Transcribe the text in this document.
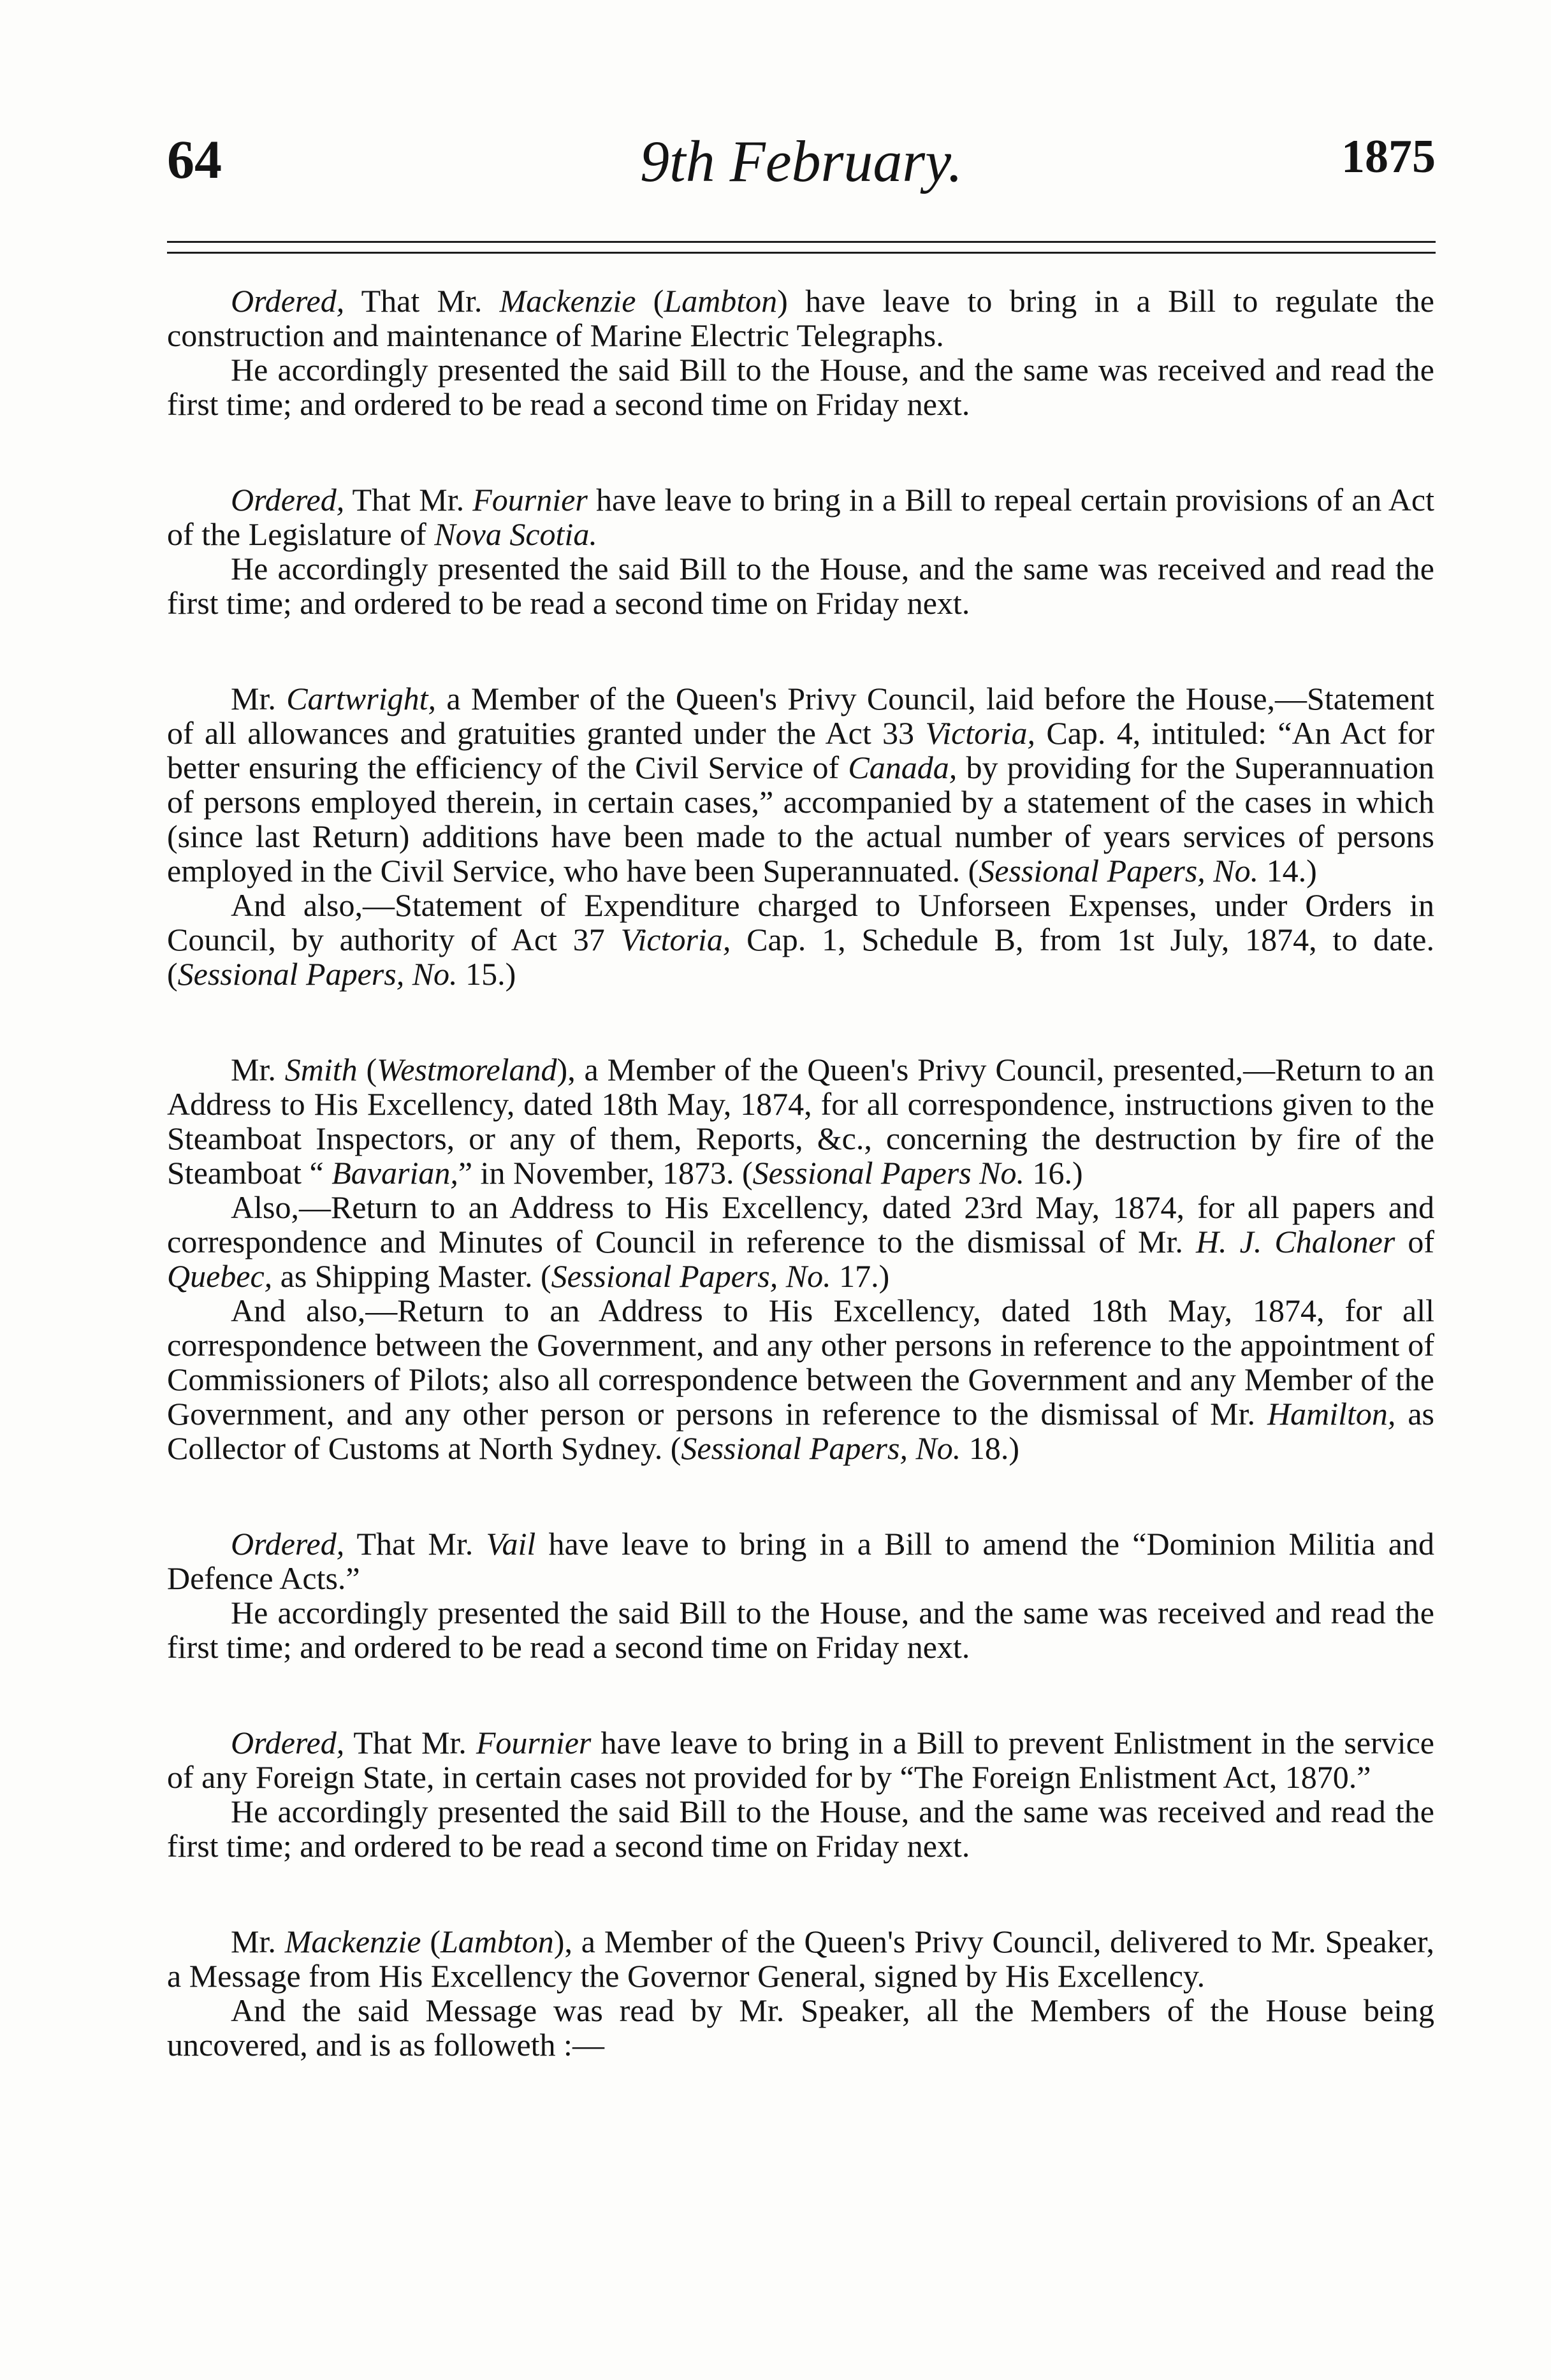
64	9th February.	1875

Ordered, That Mr. Mackenzie (Lambton) have leave to bring in a Bill to regulate the construction and maintenance of Marine Electric Telegraphs.

He accordingly presented the said Bill to the House, and the same was received and read the first time; and ordered to be read a second time on Friday next.

Ordered, That Mr. Fournier have leave to bring in a Bill to repeal certain provisions of an Act of the Legislature of Nova Scotia.

He accordingly presented the said Bill to the House, and the same was received and read the first time; and ordered to be read a second time on Friday next.

Mr. Cartwright, a Member of the Queen's Privy Council, laid before the House,—Statement of all allowances and gratuities granted under the Act 33 Victoria, Cap. 4, intituled: “An Act for better ensuring the efficiency of the Civil Service of Canada, by providing for the Superannuation of persons employed therein, in certain cases,” accompanied by a statement of the cases in which (since last Return) additions have been made to the actual number of years services of persons employed in the Civil Service, who have been Superannuated. (Sessional Papers, No. 14.)

And also,—Statement of Expenditure charged to Unforseen Expenses, under Orders in Council, by authority of Act 37 Victoria, Cap. 1, Schedule B, from 1st July, 1874, to date. (Sessional Papers, No. 15.)

Mr. Smith (Westmoreland), a Member of the Queen's Privy Council, presented,—Return to an Address to His Excellency, dated 18th May, 1874, for all correspondence, instructions given to the Steamboat Inspectors, or any of them, Reports, &c., concerning the destruction by fire of the Steamboat “ Bavarian,” in November, 1873. (Sessional Papers No. 16.)

Also,—Return to an Address to His Excellency, dated 23rd May, 1874, for all papers and correspondence and Minutes of Council in reference to the dismissal of Mr. H. J. Chaloner of Quebec, as Shipping Master. (Sessional Papers, No. 17.)

And also,—Return to an Address to His Excellency, dated 18th May, 1874, for all correspondence between the Government, and any other persons in reference to the appointment of Commissioners of Pilots; also all correspondence between the Government and any Member of the Government, and any other person or persons in reference to the dismissal of Mr. Hamilton, as Collector of Customs at North Sydney. (Sessional Papers, No. 18.)

Ordered, That Mr. Vail have leave to bring in a Bill to amend the “Dominion Militia and Defence Acts.”

He accordingly presented the said Bill to the House, and the same was received and read the first time; and ordered to be read a second time on Friday next.

Ordered, That Mr. Fournier have leave to bring in a Bill to prevent Enlistment in the service of any Foreign State, in certain cases not provided for by “The Foreign Enlistment Act, 1870.”

He accordingly presented the said Bill to the House, and the same was received and read the first time; and ordered to be read a second time on Friday next.

Mr. Mackenzie (Lambton), a Member of the Queen's Privy Council, delivered to Mr. Speaker, a Message from His Excellency the Governor General, signed by His Excellency.

And the said Message was read by Mr. Speaker, all the Members of the House being uncovered, and is as followeth :—
